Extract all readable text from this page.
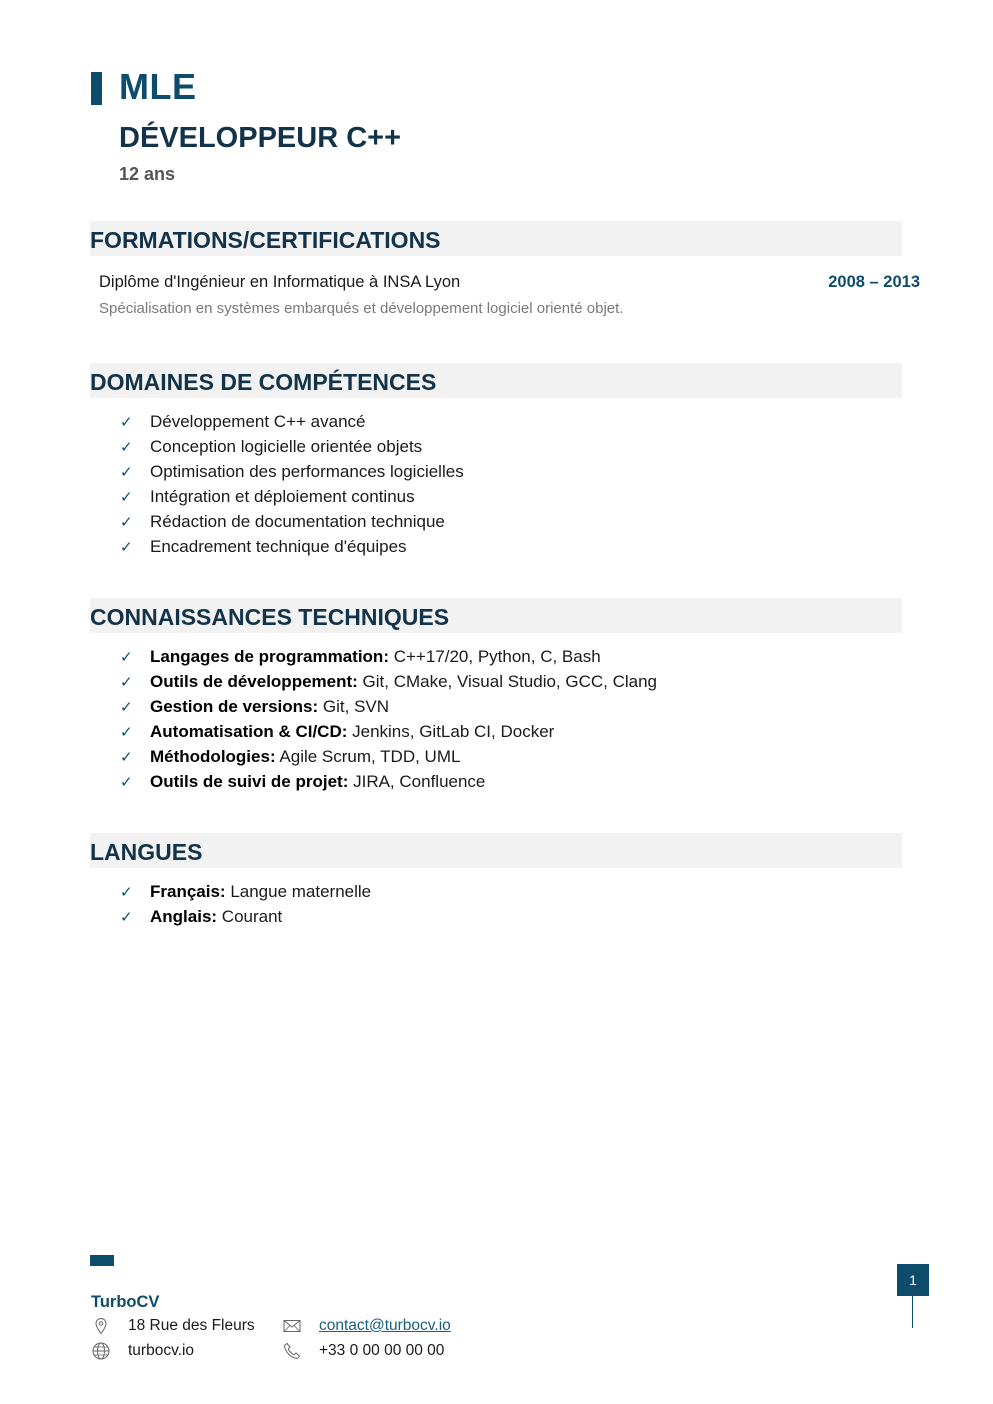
MLE
DÉVELOPPEUR C++
12 ans
FORMATIONS/CERTIFICATIONS
Diplôme d'Ingénieur en Informatique à INSA Lyon	2008 – 2013
Spécialisation en systèmes embarqués et développement logiciel orienté objet.
DOMAINES DE COMPÉTENCES
✓ Développement C++ avancé
✓ Conception logicielle orientée objets
✓ Optimisation des performances logicielles
✓ Intégration et déploiement continus
✓ Rédaction de documentation technique
✓ Encadrement technique d'équipes
CONNAISSANCES TECHNIQUES
✓ Langages de programmation: C++17/20, Python, C, Bash
✓ Outils de développement: Git, CMake, Visual Studio, GCC, Clang
✓ Gestion de versions: Git, SVN
✓ Automatisation & CI/CD: Jenkins, GitLab CI, Docker
✓ Méthodologies: Agile Scrum, TDD, UML
✓ Outils de suivi de projet: JIRA, Confluence
LANGUES
✓ Français: Langue maternelle
✓ Anglais: Courant
TurboCV
18 Rue des Fleurs
turbocv.io
contact@turbocv.io
+33 0 00 00 00 00
1
